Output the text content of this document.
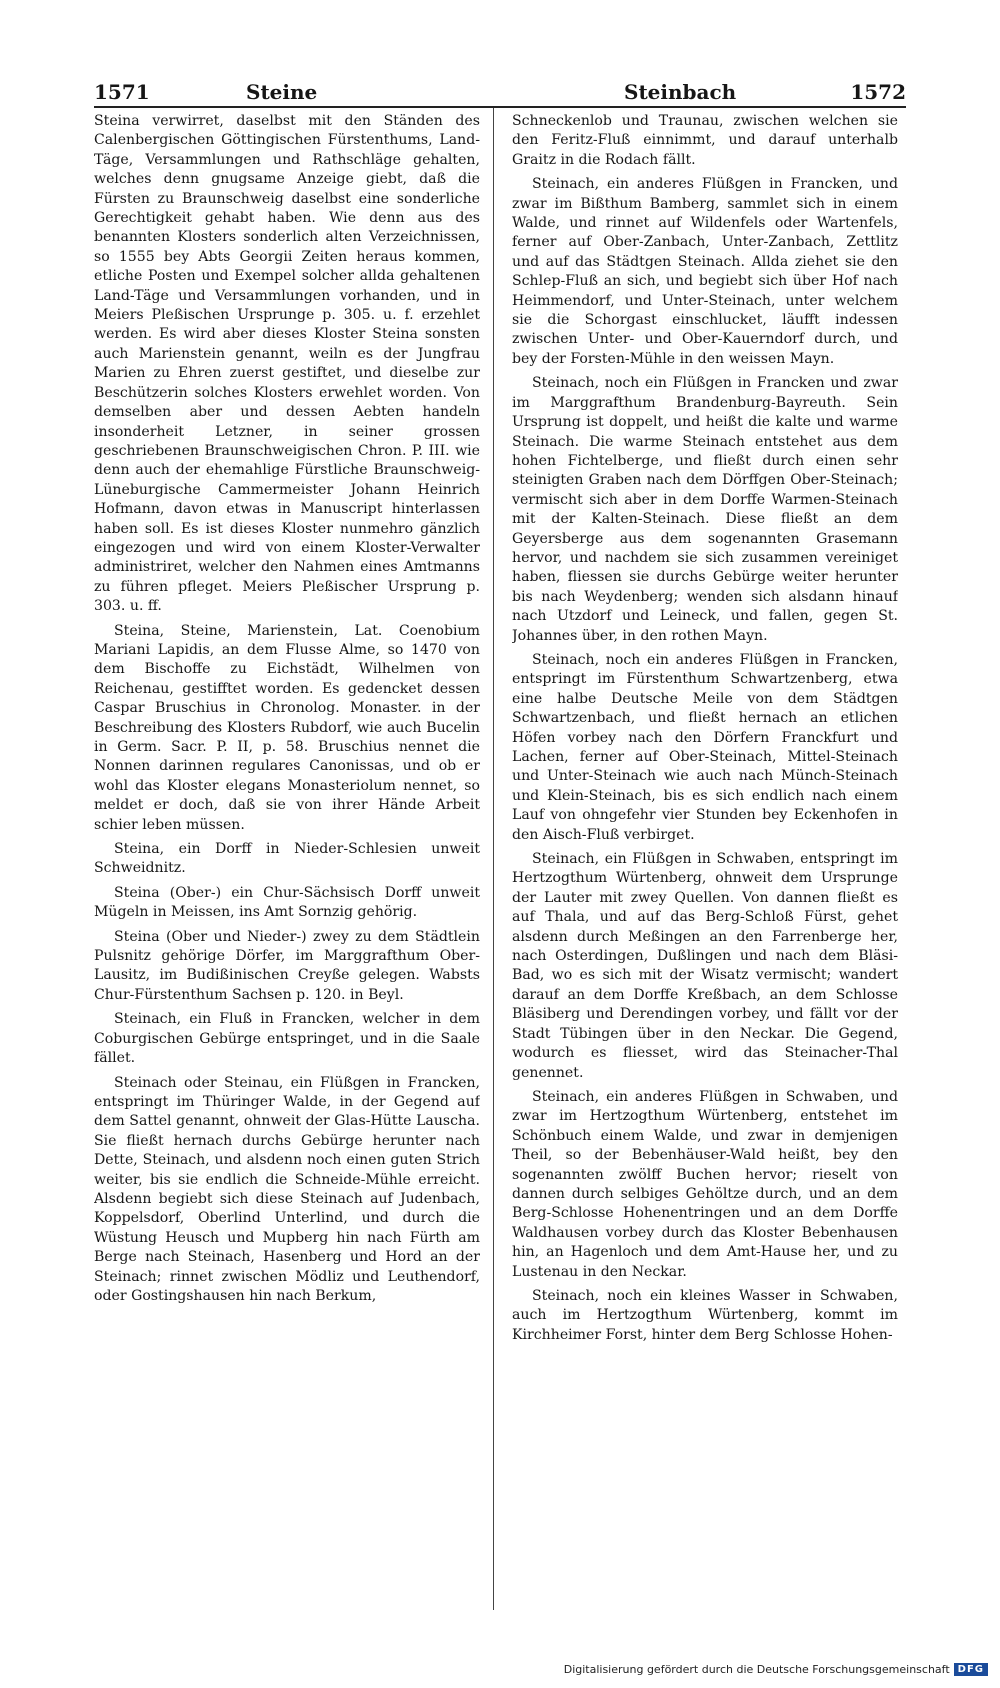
1571	Steine	Steinbach	1572

Steina verwirret, daselbst mit den Ständen des Calenbergischen Göttingischen Fürstenthums, Land-Täge, Versammlungen und Rathschläge gehalten, welches denn gnugsame Anzeige giebt, daß die Fürsten zu Braunschweig daselbst eine sonderliche Gerechtigkeit gehabt haben. Wie denn aus des benannten Klosters sonderlich alten Verzeichnissen, so 1555 bey Abts Georgii Zeiten heraus kommen, etliche Posten und Exempel solcher allda gehaltenen Land-Täge und Versammlungen vorhanden, und in Meiers Pleßischen Ursprunge p. 305. u. f. erzehlet werden. Es wird aber dieses Kloster Steina sonsten auch Marienstein genannt, weiln es der Jungfrau Marien zu Ehren zuerst gestiftet, und dieselbe zur Beschützerin solches Klosters erwehlet worden. Von demselben aber und dessen Aebten handeln insonderheit Letzner, in seiner grossen geschriebenen Braunschweigischen Chron. P. III. wie denn auch der ehemahlige Fürstliche Braunschweig-Lüneburgische Cammermeister Johann Heinrich Hofmann, davon etwas in Manuscript hinterlassen haben soll. Es ist dieses Kloster nunmehro gänzlich eingezogen und wird von einem Kloster-Verwalter administriret, welcher den Nahmen eines Amtmanns zu führen pfleget. Meiers Pleßischer Ursprung p. 303. u. ff.

Steina, Steine, Marienstein, Lat. Coenobium Mariani Lapidis, an dem Flusse Alme, so 1470 von dem Bischoffe zu Eichstädt, Wilhelmen von Reichenau, gestifftet worden. Es gedencket dessen Caspar Bruschius in Chronolog. Monaster. in der Beschreibung des Klosters Rubdorf, wie auch Bucelin in Germ. Sacr. P. II, p. 58. Bruschius nennet die Nonnen darinnen regulares Canonissas, und ob er wohl das Kloster elegans Monasteriolum nennet, so meldet er doch, daß sie von ihrer Hände Arbeit schier leben müssen.

Steina, ein Dorff in Nieder-Schlesien unweit Schweidnitz.

Steina (Ober-) ein Chur-Sächsisch Dorff unweit Mügeln in Meissen, ins Amt Sornzig gehörig.

Steina (Ober und Nieder-) zwey zu dem Städtlein Pulsnitz gehörige Dörfer, im Marggrafthum Ober-Lausitz, im Budißinischen Creyße gelegen. Wabsts Chur-Fürstenthum Sachsen p. 120. in Beyl.

Steinach, ein Fluß in Francken, welcher in dem Coburgischen Gebürge entspringet, und in die Saale fället.

Steinach oder Steinau, ein Flüßgen in Francken, entspringt im Thüringer Walde, in der Gegend auf dem Sattel genannt, ohnweit der Glas-Hütte Lauscha. Sie fließt hernach durchs Gebürge herunter nach Dette, Steinach, und alsdenn noch einen guten Strich weiter, bis sie endlich die Schneide-Mühle erreicht. Alsdenn begiebt sich diese Steinach auf Judenbach, Koppelsdorf, Oberlind Unterlind, und durch die Wüstung Heusch und Mupberg hin nach Fürth am Berge nach Steinach, Hasenberg und Hord an der Steinach; rinnet zwischen Mödliz und Leuthendorf, oder Gostingshausen hin nach Berkum,

Schneckenlob und Traunau, zwischen welchen sie den Feritz-Fluß einnimmt, und darauf unterhalb Graitz in die Rodach fällt.

Steinach, ein anderes Flüßgen in Francken, und zwar im Bißthum Bamberg, sammlet sich in einem Walde, und rinnet auf Wildenfels oder Wartenfels, ferner auf Ober-Zanbach, Unter-Zanbach, Zettlitz und auf das Städtgen Steinach. Allda ziehet sie den Schlep-Fluß an sich, und begiebt sich über Hof nach Heimmendorf, und Unter-Steinach, unter welchem sie die Schorgast einschlucket, läufft indessen zwischen Unter- und Ober-Kauerndorf durch, und bey der Forsten-Mühle in den weissen Mayn.

Steinach, noch ein Flüßgen in Francken und zwar im Marggrafthum Brandenburg-Bayreuth. Sein Ursprung ist doppelt, und heißt die kalte und warme Steinach. Die warme Steinach entstehet aus dem hohen Fichtelberge, und fließt durch einen sehr steinigten Graben nach dem Dörffgen Ober-Steinach; vermischt sich aber in dem Dorffe Warmen-Steinach mit der Kalten-Steinach. Diese fließt an dem Geyersberge aus dem sogenannten Grasemann hervor, und nachdem sie sich zusammen vereiniget haben, fliessen sie durchs Gebürge weiter herunter bis nach Weydenberg; wenden sich alsdann hinauf nach Utzdorf und Leineck, und fallen, gegen St. Johannes über, in den rothen Mayn.

Steinach, noch ein anderes Flüßgen in Francken, entspringt im Fürstenthum Schwartzenberg, etwa eine halbe Deutsche Meile von dem Städtgen Schwartzenbach, und fließt hernach an etlichen Höfen vorbey nach den Dörfern Franckfurt und Lachen, ferner auf Ober-Steinach, Mittel-Steinach und Unter-Steinach wie auch nach Münch-Steinach und Klein-Steinach, bis es sich endlich nach einem Lauf von ohngefehr vier Stunden bey Eckenhofen in den Aisch-Fluß verbirget.

Steinach, ein Flüßgen in Schwaben, entspringt im Hertzogthum Würtenberg, ohnweit dem Ursprunge der Lauter mit zwey Quellen. Von dannen fließt es auf Thala, und auf das Berg-Schloß Fürst, gehet alsdenn durch Meßingen an den Farrenberge her, nach Osterdingen, Dußlingen und nach dem Bläsi-Bad, wo es sich mit der Wisatz vermischt; wandert darauf an dem Dorffe Kreßbach, an dem Schlosse Bläsiberg und Derendingen vorbey, und fällt vor der Stadt Tübingen über in den Neckar. Die Gegend, wodurch es fliesset, wird das Steinacher-Thal genennet.

Steinach, ein anderes Flüßgen in Schwaben, und zwar im Hertzogthum Würtenberg, entstehet im Schönbuch einem Walde, und zwar in demjenigen Theil, so der Bebenhäuser-Wald heißt, bey den sogenannten zwölff Buchen hervor; rieselt von dannen durch selbiges Gehöltze durch, und an dem Berg-Schlosse Hohenentringen und an dem Dorffe Waldhausen vorbey durch das Kloster Bebenhausen hin, an Hagenloch und dem Amt-Hause her, und zu Lustenau in den Neckar.

Steinach, noch ein kleines Wasser in Schwaben, auch im Hertzogthum Würtenberg, kommt im Kirchheimer Forst, hinter dem Berg Schlosse Hohen-

Digitalisierung gefördert durch die Deutsche Forschungsgemeinschaft DFG
